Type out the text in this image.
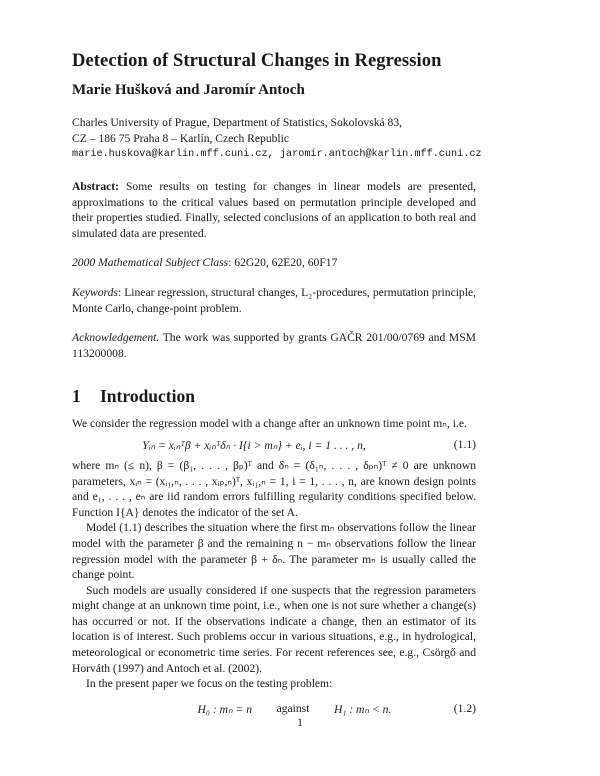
Detection of Structural Changes in Regression
Marie Hušková and Jaromír Antoch
Charles University of Prague, Department of Statistics, Sokolovská 83,
CZ – 186 75 Praha 8 – Karlín, Czech Republic
marie.huskova@karlin.mff.cuni.cz, jaromir.antoch@karlin.mff.cuni.cz

Abstract: Some results on testing for changes in linear models are presented, approximations to the critical values based on permutation principle developed and their properties studied. Finally, selected conclusions of an application to both real and simulated data are presented.

2000 Mathematical Subject Class: 62G20, 62E20, 60F17

Keywords: Linear regression, structural changes, L₂-procedures, permutation principle, Monte Carlo, change-point problem.

Acknowledgement. The work was supported by grants GAČR 201/00/0769 and MSM 113200008.

1 Introduction

We consider the regression model with a change after an unknown time point mₙ, i.e.

Yᵢₙ = xᵢₙᵀβ + xᵢₙᵀδₙ · I{i > mₙ} + eᵢ, i = 1 . . . , n,	(1.1)

where mₙ (≤ n), β = (β₁, . . . , βₚ)ᵀ and δₙ = (δ₁ₙ, . . . , δₚₙ)ᵀ ≠ 0 are unknown parameters, xᵢₙ = (xᵢ₁,ₙ, . . . , xᵢₚ,ₙ)ᵀ, xᵢ₁,ₙ = 1, i = 1, . . . , n, are known design points and e₁, . . . , eₙ are iid random errors fulfilling regularity conditions specified below. Function I{A} denotes the indicator of the set A.

Model (1.1) describes the situation where the first mₙ observations follow the linear model with the parameter β and the remaining n − mₙ observations follow the linear regression model with the parameter β + δₙ. The parameter mₙ is usually called the change point.

Such models are usually considered if one suspects that the regression parameters might change at an unknown time point, i.e., when one is not sure whether a change(s) has occurred or not. If the observations indicate a change, then an estimator of its location is of interest. Such problems occur in various situations, e.g., in hydrological, meteorological or econometric time series. For recent references see, e.g., Csörgő and Horváth (1997) and Antoch et al. (2002).

In the present paper we focus on the testing problem:

H₀ : mₙ = n	against	H₁ : mₙ < n.	(1.2)
1
